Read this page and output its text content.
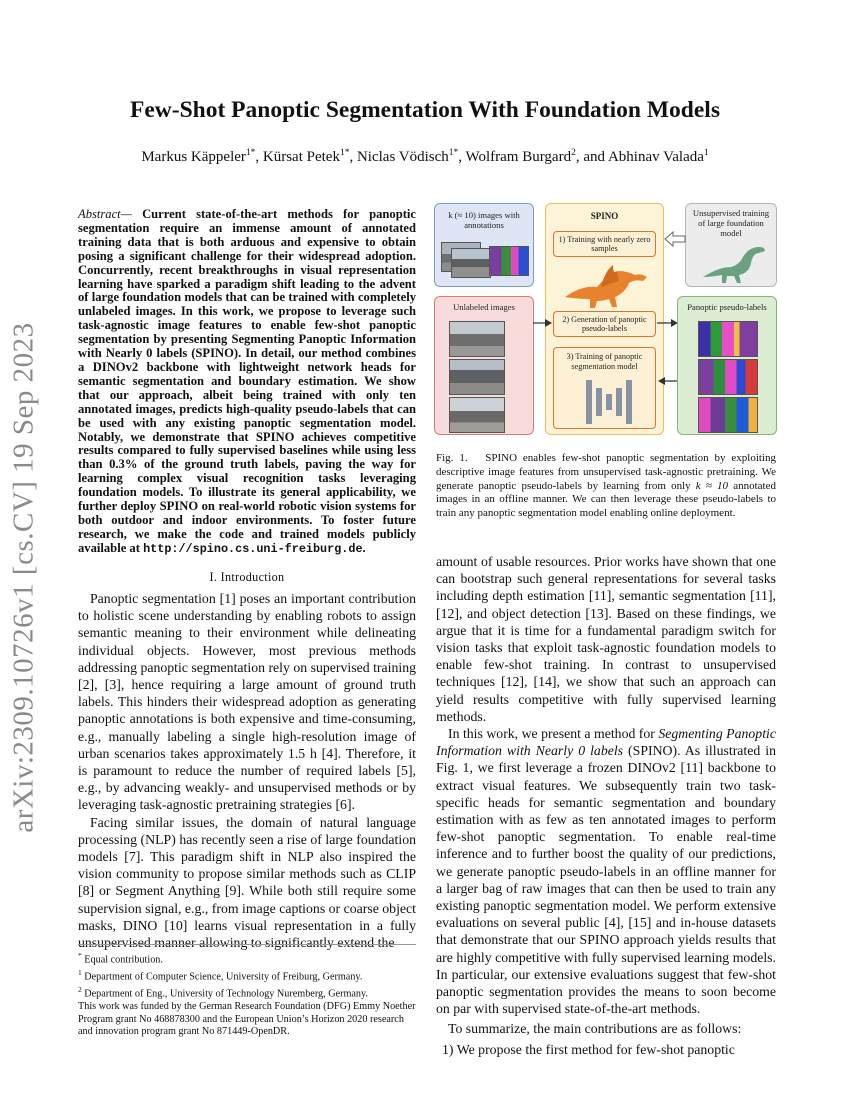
arXiv:2309.10726v1 [cs.CV] 19 Sep 2023
Few-Shot Panoptic Segmentation With Foundation Models

Markus Käppeler$^{1*}$, Kürsat Petek$^{1*}$, Niclas Vödisch$^{1*}$, Wolfram Burgard$^2$, and Abhinav Valada$^1$

Abstract— Current state-of-the-art methods for panoptic segmentation require an immense amount of annotated training data that is both arduous and expensive to obtain posing a significant challenge for their widespread adoption. Concurrently, recent breakthroughs in visual representation learning have sparked a paradigm shift leading to the advent of large foundation models that can be trained with completely unlabeled images. In this work, we propose to leverage such task-agnostic image features to enable few-shot panoptic segmentation by presenting Segmenting Panoptic Information with Nearly 0 labels (SPINO). In detail, our method combines a DINOv2 backbone with lightweight network heads for semantic segmentation and boundary estimation. We show that our approach, albeit being trained with only ten annotated images, predicts high-quality pseudo-labels that can be used with any existing panoptic segmentation model. Notably, we demonstrate that SPINO achieves competitive results compared to fully supervised baselines while using less than 0.3% of the ground truth labels, paving the way for learning complex visual recognition tasks leveraging foundation models. To illustrate its general applicability, we further deploy SPINO on real-world robotic vision systems for both outdoor and indoor environments. To foster future research, we make the code and trained models publicly available at http://spino.cs.uni-freiburg.de.

I. Introduction

Panoptic segmentation [1] poses an important contribution to holistic scene understanding by enabling robots to assign semantic meaning to their environment while delineating individual objects. However, most previous methods addressing panoptic segmentation rely on supervised training [2], [3], hence requiring a large amount of ground truth labels. This hinders their widespread adoption as generating panoptic annotations is both expensive and time-consuming, e.g., manually labeling a single high-resolution image of urban scenarios takes approximately 1.5 h [4]. Therefore, it is paramount to reduce the number of required labels [5], e.g., by advancing weakly- and unsupervised methods or by leveraging task-agnostic pretraining strategies [6].

Facing similar issues, the domain of natural language processing (NLP) has recently seen a rise of large foundation models [7]. This paradigm shift in NLP also inspired the vision community to propose similar methods such as CLIP [8] or Segment Anything [9]. While both still require some supervision signal, e.g., from image captions or coarse object masks, DINO [10] learns visual representation in a fully unsupervised manner allowing to significantly extend the

* Equal contribution.

$^1$ Department of Computer Science, University of Freiburg, Germany.

$^2$ Department of Eng., University of Technology Nuremberg, Germany.

This work was funded by the German Research Foundation (DFG) Emmy Noether Program grant No 468878300 and the European Union’s Horizon 2020 research and innovation program grant No 871449-OpenDR.

k (≈ 10) images with annotations
SPINO
1) Training with nearly zero samples
2) Generation of panoptic pseudo-labels
3) Training of panoptic segmentation model
Unsupervised training of large foundation model
Unlabeled images	Panoptic pseudo-labels

Fig. 1. SPINO enables few-shot panoptic segmentation by exploiting descriptive image features from unsupervised task-agnostic pretraining. We generate panoptic pseudo-labels by learning from only k ≈ 10 annotated images in an offline manner. We can then leverage these pseudo-labels to train any panoptic segmentation model enabling online deployment.

amount of usable resources. Prior works have shown that one can bootstrap such general representations for several tasks including depth estimation [11], semantic segmentation [11], [12], and object detection [13]. Based on these findings, we argue that it is time for a fundamental paradigm switch for vision tasks that exploit task-agnostic foundation models to enable few-shot training. In contrast to unsupervised techniques [12], [14], we show that such an approach can yield results competitive with fully supervised learning methods.

In this work, we present a method for Segmenting Panoptic Information with Nearly 0 labels (SPINO). As illustrated in Fig. 1, we first leverage a frozen DINOv2 [11] backbone to extract visual features. We subsequently train two task-specific heads for semantic segmentation and boundary estimation with as few as ten annotated images to perform few-shot panoptic segmentation. To enable real-time inference and to further boost the quality of our predictions, we generate panoptic pseudo-labels in an offline manner for a larger bag of raw images that can then be used to train any existing panoptic segmentation model. We perform extensive evaluations on several public [4], [15] and in-house datasets that demonstrate that our SPINO approach yields results that are highly competitive with fully supervised learning models. In particular, our extensive evaluations suggest that few-shot panoptic segmentation provides the means to soon become on par with supervised state-of-the-art methods.

To summarize, the main contributions are as follows:

1) We propose the first method for few-shot panoptic
